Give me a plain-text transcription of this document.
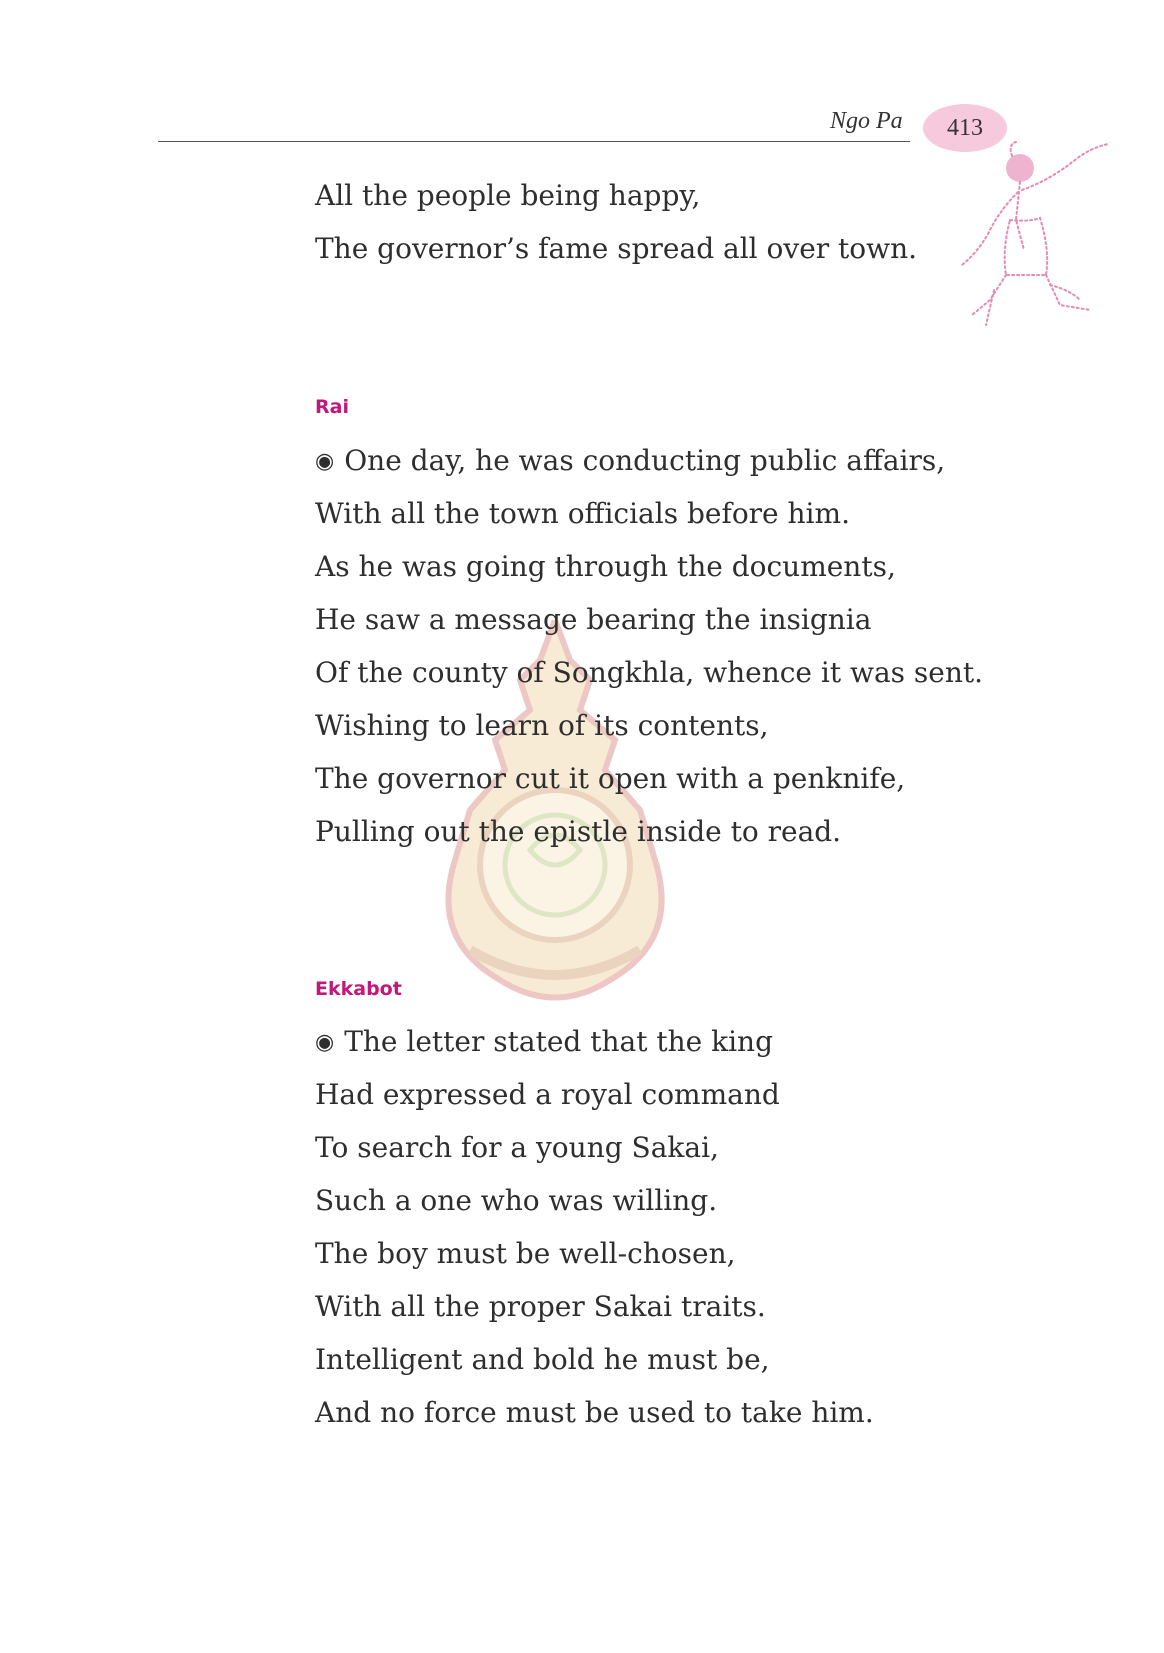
Ngo Pa 413
All the people being happy,
The governor’s fame spread all over town.
Rai
◉ One day, he was conducting public affairs,
With all the town officials before him.
As he was going through the documents,
He saw a message bearing the insignia
Of the county of Songkhla, whence it was sent.
Wishing to learn of its contents,
The governor cut it open with a penknife,
Pulling out the epistle inside to read.
Ekkabot
◉ The letter stated that the king
Had expressed a royal command
To search for a young Sakai,
Such a one who was willing.
The boy must be well-chosen,
With all the proper Sakai traits.
Intelligent and bold he must be,
And no force must be used to take him.
